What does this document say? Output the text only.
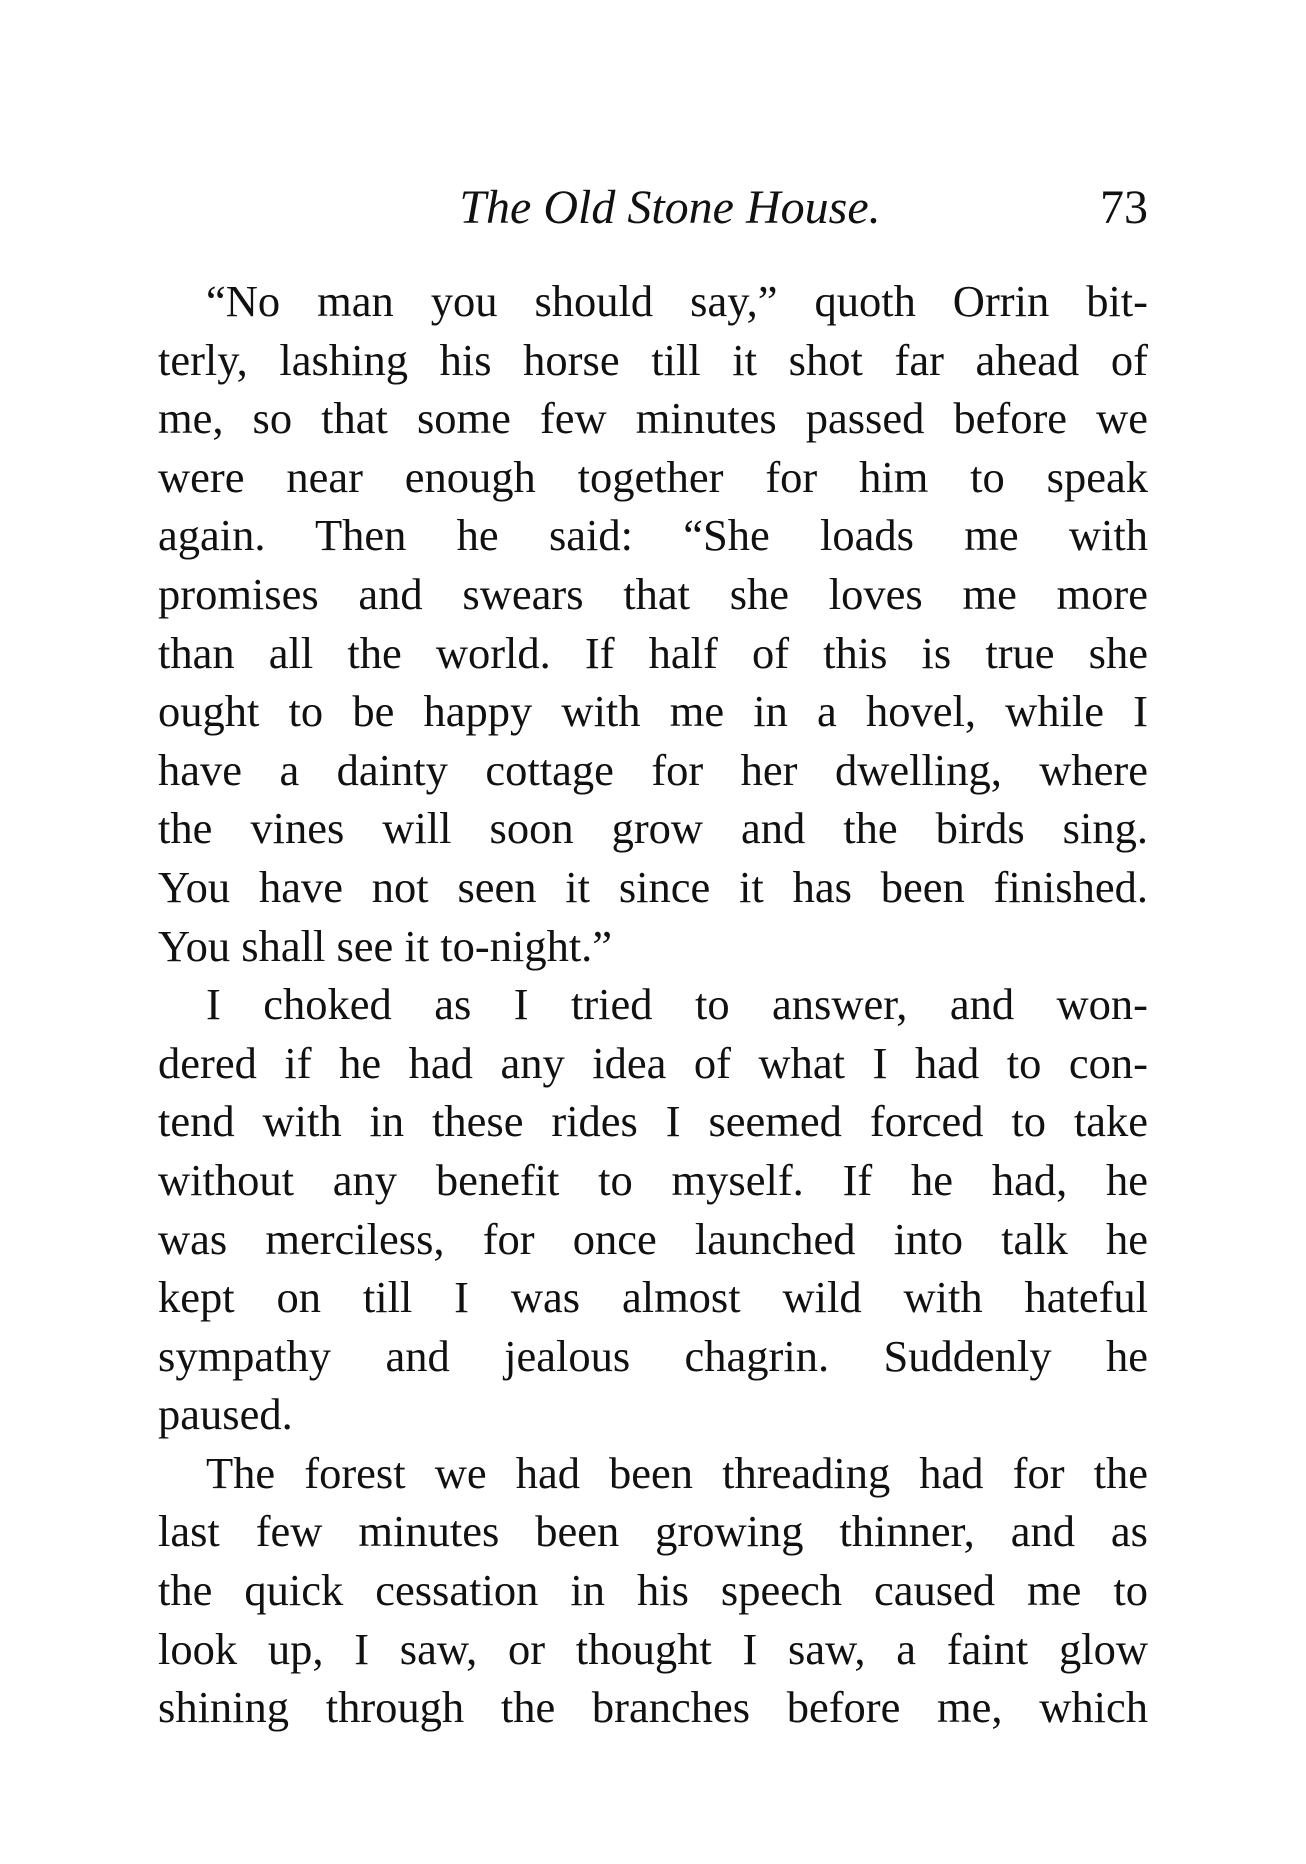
The Old Stone House.	73
“No man you should say,” quoth Orrin bit-
terly, lashing his horse till it shot far ahead of
me, so that some few minutes passed before we
were near enough together for him to speak
again. Then he said: “She loads me with
promises and swears that she loves me more
than all the world. If half of this is true she
ought to be happy with me in a hovel, while I
have a dainty cottage for her dwelling, where
the vines will soon grow and the birds sing.
You have not seen it since it has been finished.
You shall see it to-night.”
I choked as I tried to answer, and won-
dered if he had any idea of what I had to con-
tend with in these rides I seemed forced to take
without any benefit to myself. If he had, he
was merciless, for once launched into talk he
kept on till I was almost wild with hateful
sympathy and jealous chagrin. Suddenly he
paused.
The forest we had been threading had for the
last few minutes been growing thinner, and as
the quick cessation in his speech caused me to
look up, I saw, or thought I saw, a faint glow
shining through the branches before me, which
